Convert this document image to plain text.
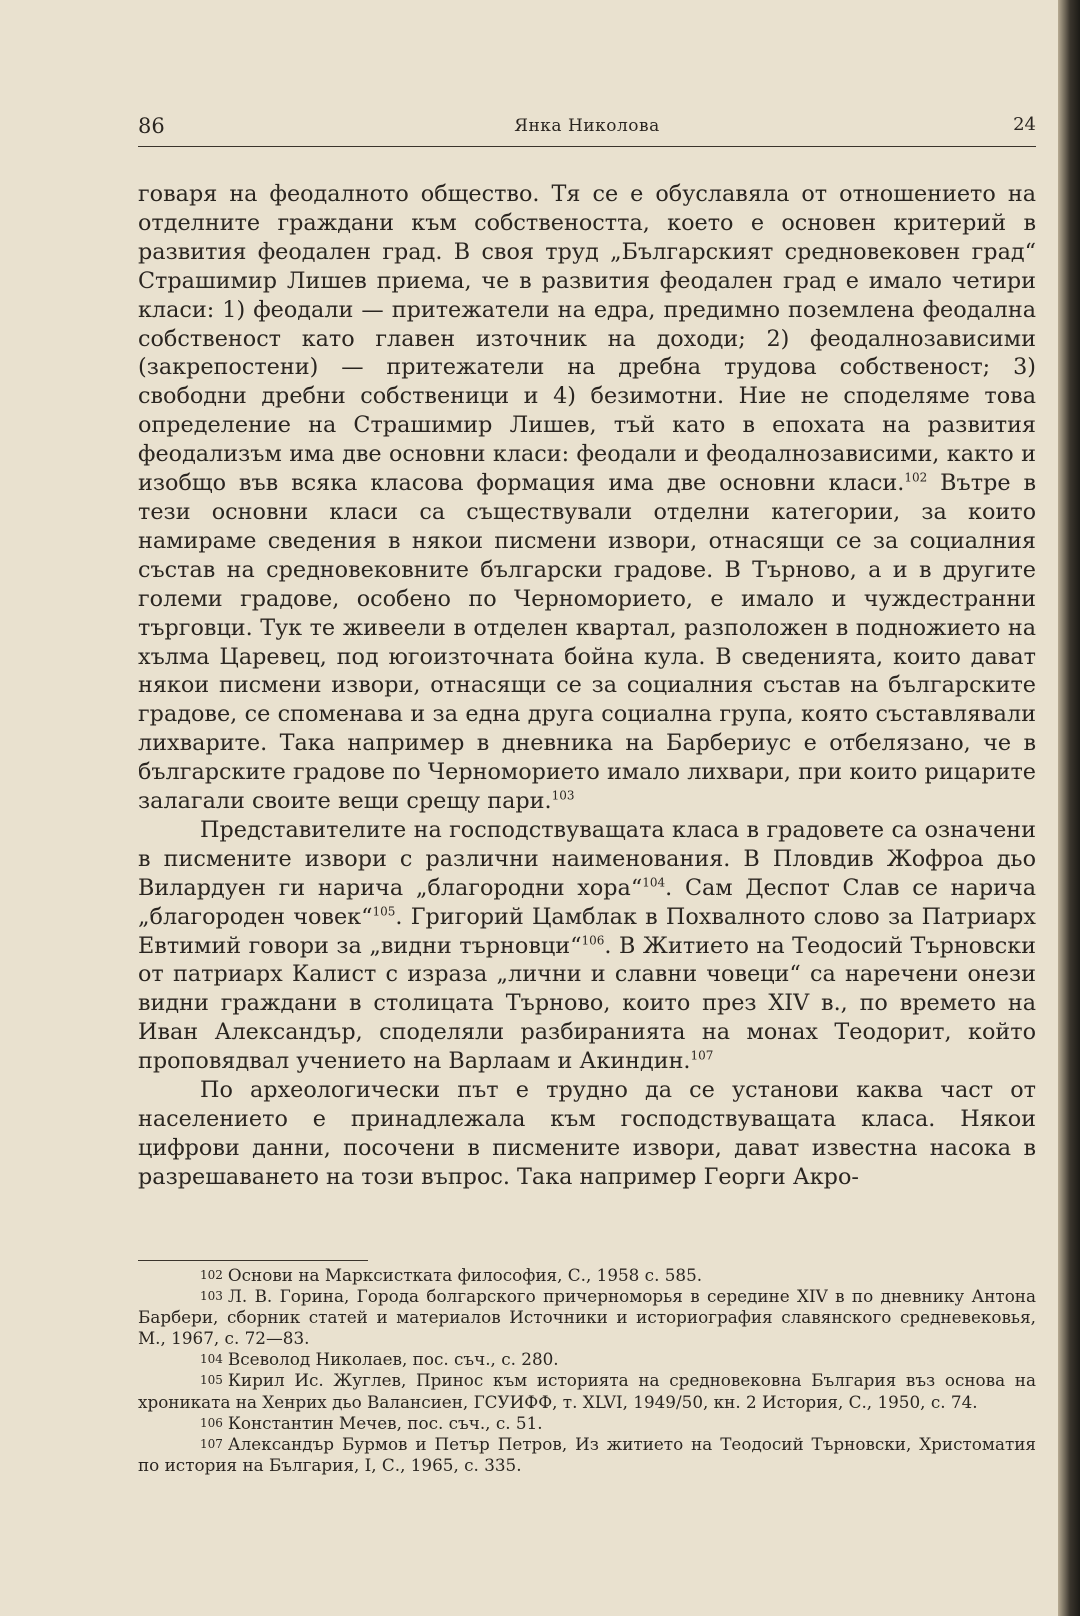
86	Янка Николова	24

говаря на феодалното общество. Тя се е обуславяла от отношението на отделните граждани към собствеността, което е основен критерий в развития феодален град. В своя труд „Българският средновековен град“ Страшимир Лишев приема, че в развития феодален град е имало четири класи: 1) феодали — притежатели на едра, предимно поземлена феодална собственост като главен източник на доходи; 2) феодалнозависими (закрепостени) — притежатели на дребна трудова собственост; 3) свободни дребни собственици и 4) безимотни. Ние не споделяме това определение на Страшимир Лишев, тъй като в епохата на развития феодализъм има две основни класи: феодали и феодалнозависими, както и изобщо във всяка класова формация има две основни класи.$^{102}$ Вътре в тези основни класи са съществували отделни категории, за които намираме сведения в някои писмени извори, отнасящи се за социалния състав на средновековните български градове. В Търново, а и в другите големи градове, особено по Черноморието, е имало и чуждестранни търговци. Тук те живеели в отделен квартал, разположен в подножието на хълма Царевец, под югоизточната бойна кула. В сведенията, които дават някои писмени извори, отнасящи се за социалния състав на българските градове, се споменава и за една друга социална група, която съставлявали лихварите. Така например в дневника на Барбериус е отбелязано, че в българските градове по Черноморието имало лихвари, при които рицарите залагали своите вещи срещу пари.$^{103}$

Представителите на господствуващата класа в градовете са означени в писмените извори с различни наименования. В Пловдив Жофроа дьо Вилардуен ги нарича „благородни хора“$^{104}$. Сам Деспот Слав се нарича „благороден човек“$^{105}$. Григорий Цамблак в Похвалното слово за Патриарх Евтимий говори за „видни търновци“$^{106}$. В Житието на Теодосий Търновски от патриарх Калист с израза „лични и славни човеци“ са наречени онези видни граждани в столицата Търново, които през XIV в., по времето на Иван Александър, споделяли разбиранията на монах Теодорит, който проповядвал учението на Варлаам и Акиндин.$^{107}$

По археологически път е трудно да се установи каква част от населението е принадлежала към господствуващата класа. Някои цифрови данни, посочени в писмените извори, дават известна насока в разрешаването на този въпрос. Така например Георги Акро-

102 Основи на Марксистката философия, С., 1958 с. 585.

103 Л. В. Горина, Города болгарского причерноморья в середине XIV в по дневнику Антона Барбери, сборник статей и материалов Источники и историография славянского средневековья, М., 1967, с. 72—83.

104 Всеволод Николаев, пос. съч., с. 280.

105 Кирил Ис. Жуглев, Принос към историята на средновековна България въз основа на хрониката на Хенрих дьо Валансиен, ГСУИФФ, т. XLVI, 1949/50, кн. 2 История, С., 1950, с. 74.

106 Константин Мечев, пос. съч., с. 51.

107 Александър Бурмов и Петър Петров, Из житието на Теодосий Търновски, Христоматия по история на България, I, С., 1965, с. 335.
